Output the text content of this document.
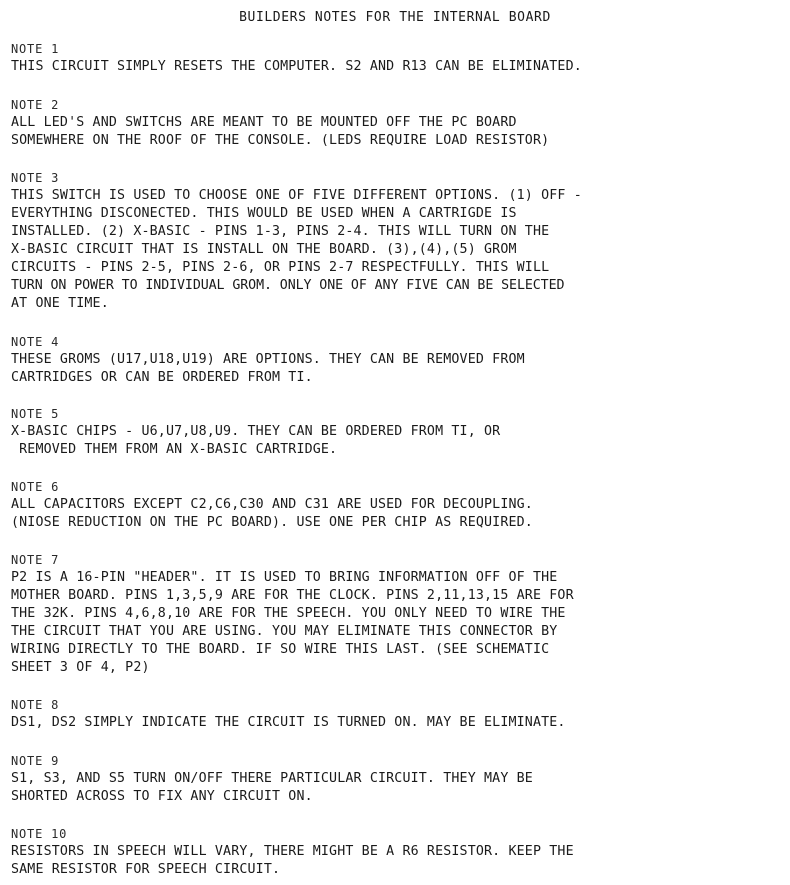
BUILDERS NOTES FOR THE INTERNAL BOARD
NOTE 1
THIS CIRCUIT SIMPLY RESETS THE COMPUTER. S2 AND R13 CAN BE ELIMINATED.
NOTE 2
ALL LED'S AND SWITCHS ARE MEANT TO BE MOUNTED OFF THE PC BOARD
SOMEWHERE ON THE ROOF OF THE CONSOLE. (LEDS REQUIRE LOAD RESISTOR)
NOTE 3
THIS SWITCH IS USED TO CHOOSE ONE OF FIVE DIFFERENT OPTIONS. (1) OFF -
EVERYTHING DISCONECTED. THIS WOULD BE USED WHEN A CARTRIGDE IS
INSTALLED. (2) X-BASIC - PINS 1-3, PINS 2-4. THIS WILL TURN ON THE
X-BASIC CIRCUIT THAT IS INSTALL ON THE BOARD. (3),(4),(5) GROM
CIRCUITS - PINS 2-5, PINS 2-6, OR PINS 2-7 RESPECTFULLY. THIS WILL
TURN ON POWER TO INDIVIDUAL GROM. ONLY ONE OF ANY FIVE CAN BE SELECTED
AT ONE TIME.
NOTE 4
THESE GROMS (U17,U18,U19) ARE OPTIONS. THEY CAN BE REMOVED FROM
CARTRIDGES OR CAN BE ORDERED FROM TI.
NOTE 5
X-BASIC CHIPS - U6,U7,U8,U9. THEY CAN BE ORDERED FROM TI, OR
REMOVED THEM FROM AN X-BASIC CARTRIDGE.
NOTE 6
ALL CAPACITORS EXCEPT C2,C6,C30 AND C31 ARE USED FOR DECOUPLING.
(NIOSE REDUCTION ON THE PC BOARD). USE ONE PER CHIP AS REQUIRED.
NOTE 7
P2 IS A 16-PIN "HEADER". IT IS USED TO BRING INFORMATION OFF OF THE
MOTHER BOARD. PINS 1,3,5,9 ARE FOR THE CLOCK. PINS 2,11,13,15 ARE FOR
THE 32K. PINS 4,6,8,10 ARE FOR THE SPEECH. YOU ONLY NEED TO WIRE THE
THE CIRCUIT THAT YOU ARE USING. YOU MAY ELIMINATE THIS CONNECTOR BY
WIRING DIRECTLY TO THE BOARD. IF SO WIRE THIS LAST. (SEE SCHEMATIC
SHEET 3 OF 4, P2)
NOTE 8
DS1, DS2 SIMPLY INDICATE THE CIRCUIT IS TURNED ON. MAY BE ELIMINATE.
NOTE 9
S1, S3, AND S5 TURN ON/OFF THERE PARTICULAR CIRCUIT. THEY MAY BE
SHORTED ACROSS TO FIX ANY CIRCUIT ON.
NOTE 10
RESISTORS IN SPEECH WILL VARY, THERE MIGHT BE A R6 RESISTOR. KEEP THE
SAME RESISTOR FOR SPEECH CIRCUIT.
